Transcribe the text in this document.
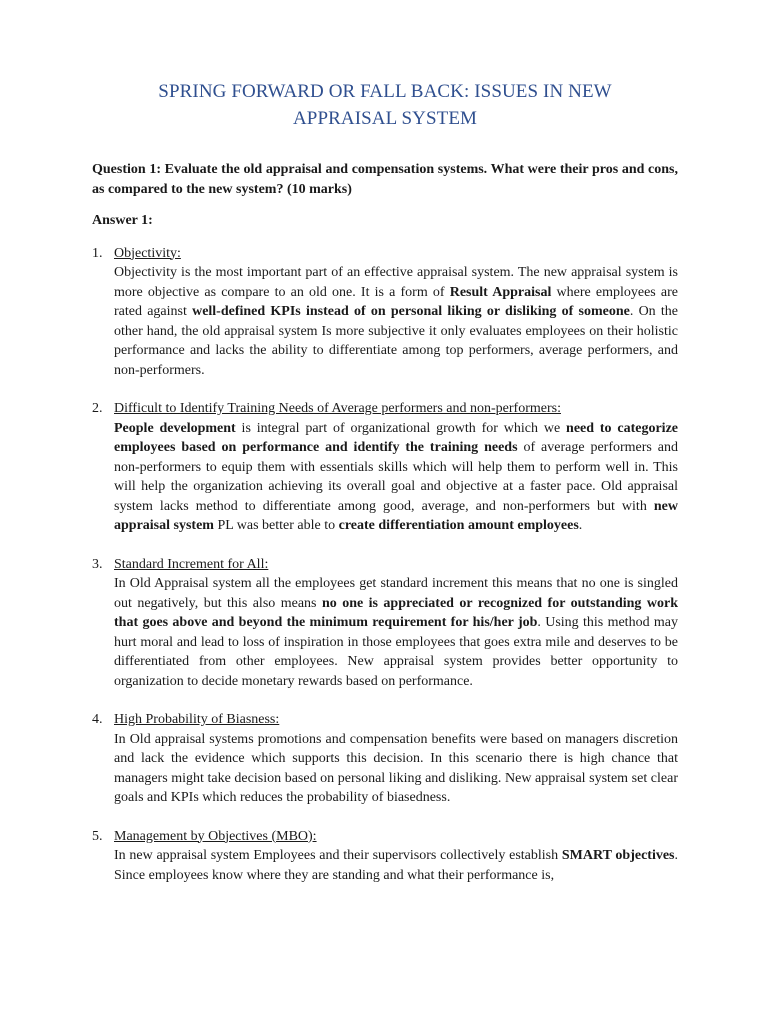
SPRING FORWARD OR FALL BACK: ISSUES IN NEW
APPRAISAL SYSTEM

Question 1: Evaluate the old appraisal and compensation systems. What were their pros and cons, as compared to the new system? (10 marks)

Answer 1:

1. Objectivity:

Objectivity is the most important part of an effective appraisal system. The new appraisal system is more objective as compare to an old one. It is a form of Result Appraisal where employees are rated against well-defined KPIs instead of on personal liking or disliking of someone. On the other hand, the old appraisal system Is more subjective it only evaluates employees on their holistic performance and lacks the ability to differentiate among top performers, average performers, and non-performers.

2. Difficult to Identify Training Needs of Average performers and non-performers:

People development is integral part of organizational growth for which we need to categorize employees based on performance and identify the training needs of average performers and non-performers to equip them with essentials skills which will help them to perform well in. This will help the organization achieving its overall goal and objective at a faster pace. Old appraisal system lacks method to differentiate among good, average, and non-performers but with new appraisal system PL was better able to create differentiation amount employees.

3. Standard Increment for All:

In Old Appraisal system all the employees get standard increment this means that no one is singled out negatively, but this also means no one is appreciated or recognized for outstanding work that goes above and beyond the minimum requirement for his/her job. Using this method may hurt moral and lead to loss of inspiration in those employees that goes extra mile and deserves to be differentiated from other employees. New appraisal system provides better opportunity to organization to decide monetary rewards based on performance.

4. High Probability of Biasness:

In Old appraisal systems promotions and compensation benefits were based on managers discretion and lack the evidence which supports this decision. In this scenario there is high chance that managers might take decision based on personal liking and disliking. New appraisal system set clear goals and KPIs which reduces the probability of biasedness.

5. Management by Objectives (MBO):

In new appraisal system Employees and their supervisors collectively establish SMART objectives. Since employees know where they are standing and what their performance is,
